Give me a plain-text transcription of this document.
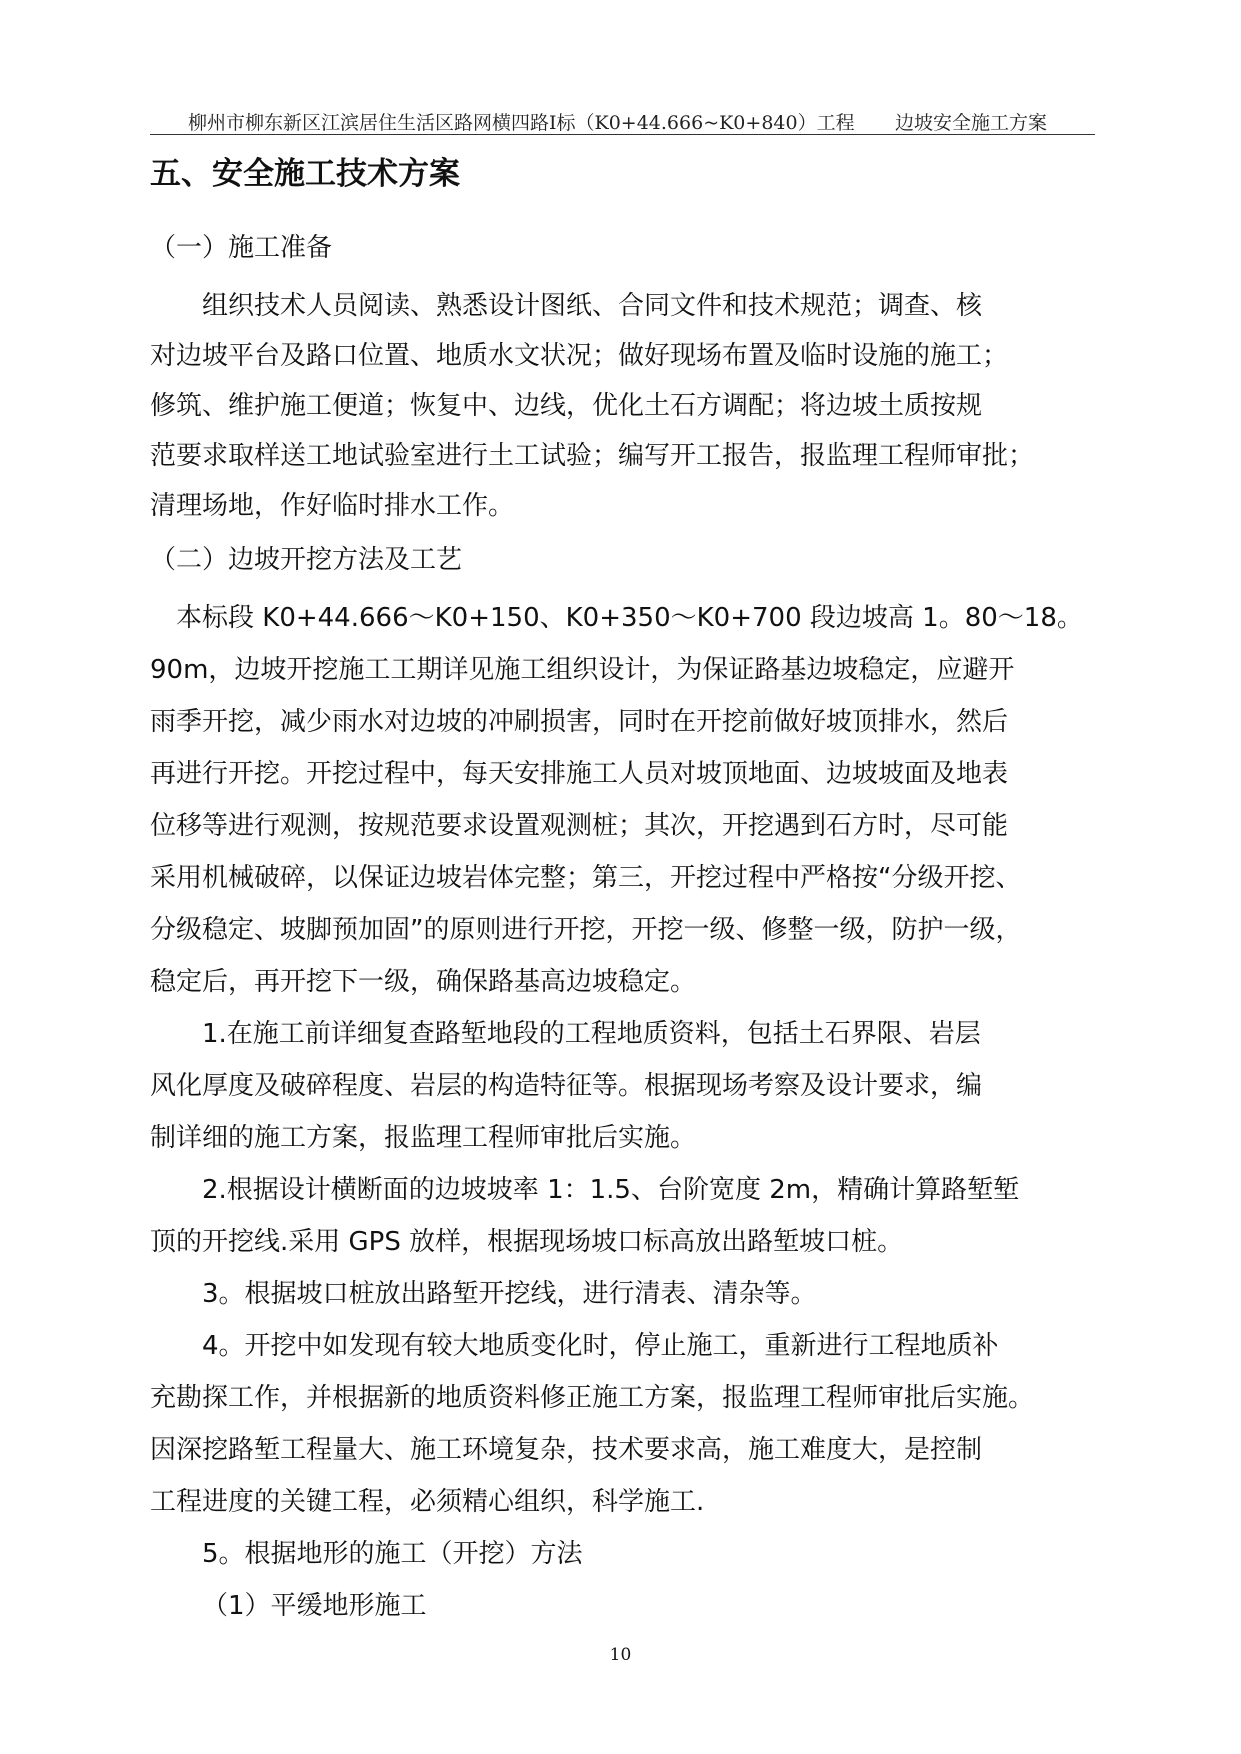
柳州市柳东新区江滨居住生活区路网横四路Ⅰ标（K0+44.666~K0+840）工程 边坡安全施工方案
五、安全施工技术方案
（一）施工准备
组织技术人员阅读、熟悉设计图纸、合同文件和技术规范；调查、核
对边坡平台及路口位置、地质水文状况；做好现场布置及临时设施的施工；
修筑、维护施工便道；恢复中、边线，优化土石方调配；将边坡土质按规
范要求取样送工地试验室进行土工试验；编写开工报告，报监理工程师审批；
清理场地，作好临时排水工作。
（二）边坡开挖方法及工艺
本标段 K0+44.666～K0+150、K0+350～K0+700 段边坡高 1。80～18。
90m，边坡开挖施工工期详见施工组织设计，为保证路基边坡稳定，应避开
雨季开挖，减少雨水对边坡的冲刷损害，同时在开挖前做好坡顶排水，然后
再进行开挖。开挖过程中，每天安排施工人员对坡顶地面、边坡坡面及地表
位移等进行观测，按规范要求设置观测桩；其次，开挖遇到石方时，尽可能
采用机械破碎，以保证边坡岩体完整；第三，开挖过程中严格按“分级开挖、
分级稳定、坡脚预加固”的原则进行开挖，开挖一级、修整一级，防护一级，
稳定后，再开挖下一级，确保路基高边坡稳定。
1.在施工前详细复查路堑地段的工程地质资料，包括土石界限、岩层
风化厚度及破碎程度、岩层的构造特征等。根据现场考察及设计要求，编
制详细的施工方案，报监理工程师审批后实施。
2.根据设计横断面的边坡坡率 1：1.5、台阶宽度 2m，精确计算路堑堑
顶的开挖线.采用 GPS 放样，根据现场坡口标高放出路堑坡口桩。
3。根据坡口桩放出路堑开挖线，进行清表、清杂等。
4。开挖中如发现有较大地质变化时，停止施工，重新进行工程地质补
充勘探工作，并根据新的地质资料修正施工方案，报监理工程师审批后实施。
因深挖路堑工程量大、施工环境复杂，技术要求高，施工难度大，是控制
工程进度的关键工程，必须精心组织，科学施工.
5。根据地形的施工（开挖）方法
（1）平缓地形施工
10
